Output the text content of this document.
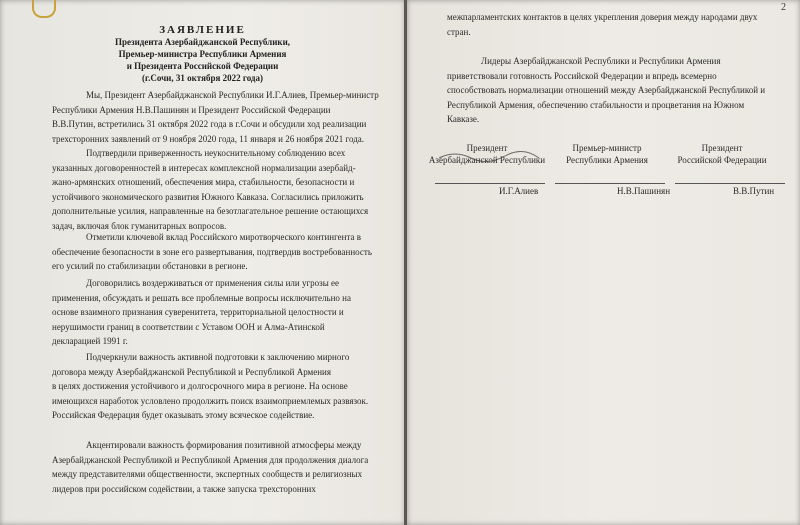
ЗАЯВЛЕНИЕ
Президента Азербайджанской Республики,
Премьер-министра Республики Армения
и Президента Российской Федерации
(г.Сочи, 31 октября 2022 года)
Мы, Президент Азербайджанской Республики И.Г.Алиев, Премьер-министр
Республики Армения Н.В.Пашинян и Президент Российской Федерации
В.В.Путин, встретились 31 октября 2022 года в г.Сочи и обсудили ход реализации
трехсторонних заявлений от 9 ноября 2020 года, 11 января и 26 ноября 2021 года.
Подтвердили приверженность неукоснительному соблюдению всех
указанных договоренностей в интересах комплексной нормализации азербайд-
жано-армянских отношений, обеспечения мира, стабильности, безопасности и
устойчивого экономического развития Южного Кавказа. Согласились приложить
дополнительные усилия, направленные на безотлагательное решение остающихся
задач, включая блок гуманитарных вопросов.
Отметили ключевой вклад Российского миротворческого контингента в
обеспечение безопасности в зоне его развертывания, подтвердив востребованность
его усилий по стабилизации обстановки в регионе.
Договорились воздерживаться от применения силы или угрозы ее
применения, обсуждать и решать все проблемные вопросы исключительно на
основе взаимного признания суверенитета, территориальной целостности и
нерушимости границ в соответствии с Уставом ООН и Алма-Атинской
декларацией 1991 г.
Подчеркнули важность активной подготовки к заключению мирного
договора между Азербайджанской Республикой и Республикой Армения
в целях достижения устойчивого и долгосрочного мира в регионе. На основе
имеющихся наработок условлено продолжить поиск взаимоприемлемых развязок.
Российская Федерация будет оказывать этому всяческое содействие.
Акцентировали важность формирования позитивной атмосферы между
Азербайджанской Республикой и Республикой Армения для продолжения диалога
между представителями общественности, экспертных сообществ и религиозных
лидеров при российском содействии, а также запуска трехсторонних
2
межпарламентских контактов в целях укрепления доверия между народами двух
стран.
Лидеры Азербайджанской Республики и Республики Армения
приветствовали готовность Российской Федерации и впредь всемерно
способствовать нормализации отношений между Азербайджанской Республикой и
Республикой Армения, обеспечению стабильности и процветания на Южном
Кавказе.
Президент
Азербайджанской Республики
Премьер-министр
Республики Армения
Президент
Российской Федерации
И.Г.Алиев	Н.В.Пашинян	В.В.Путин
